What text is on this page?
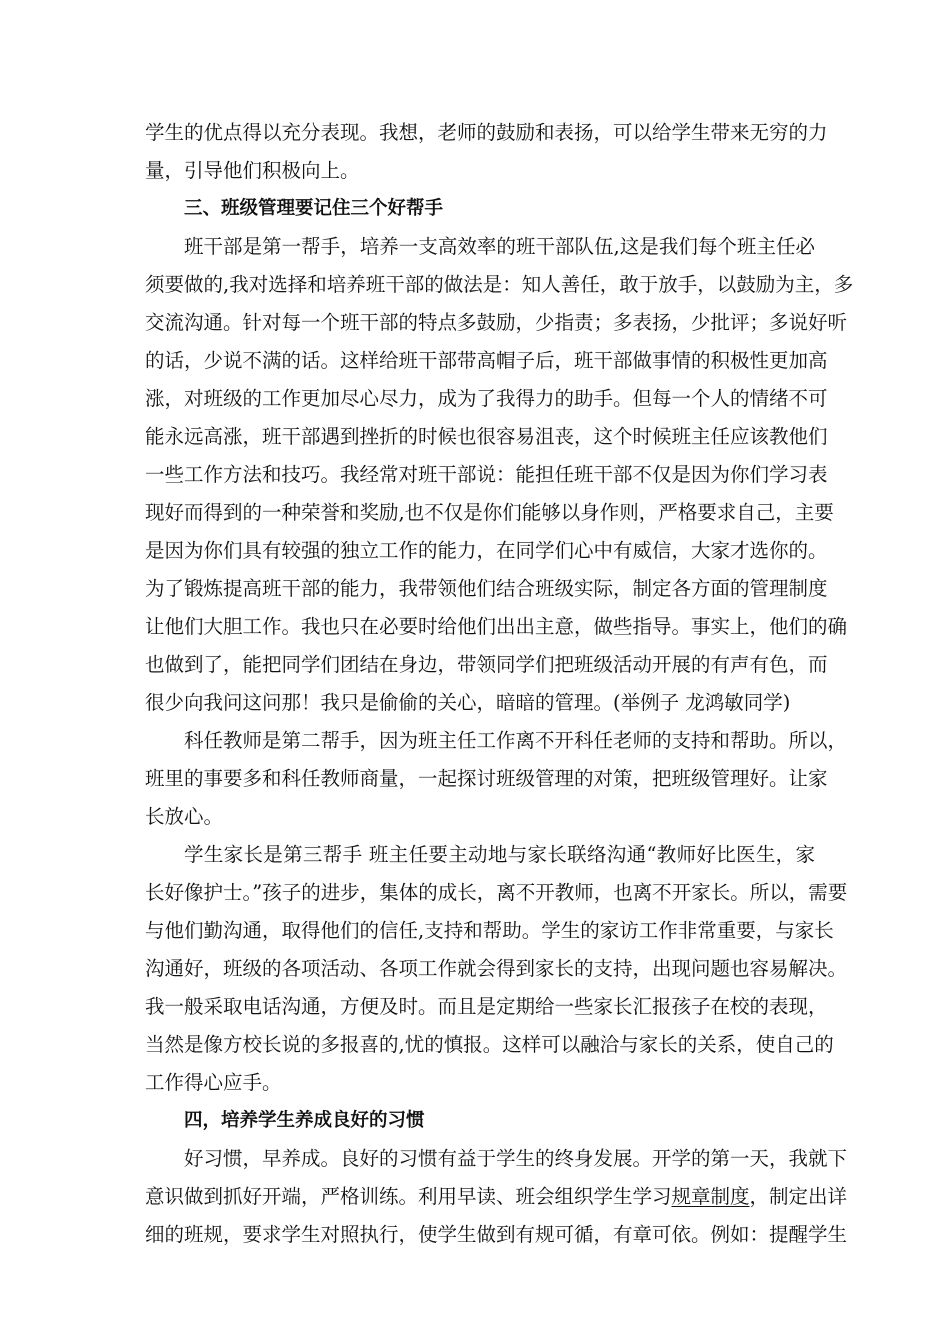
学生的优点得以充分表现。我想，老师的鼓励和表扬，可以给学生带来无穷的力
量，引导他们积极向上。
三、班级管理要记住三个好帮手
班干部是第一帮手，培养一支高效率的班干部队伍,这是我们每个班主任必
须要做的,我对选择和培养班干部的做法是：知人善任，敢于放手，以鼓励为主，多
交流沟通。针对每一个班干部的特点多鼓励，少指责；多表扬，少批评；多说好听
的话，少说不满的话。这样给班干部带高帽子后，班干部做事情的积极性更加高
涨，对班级的工作更加尽心尽力，成为了我得力的助手。但每一个人的情绪不可
能永远高涨，班干部遇到挫折的时候也很容易沮丧，这个时候班主任应该教他们
一些工作方法和技巧。我经常对班干部说：能担任班干部不仅是因为你们学习表
现好而得到的一种荣誉和奖励,也不仅是你们能够以身作则，严格要求自己，主要
是因为你们具有较强的独立工作的能力，在同学们心中有威信，大家才选你的。
为了锻炼提高班干部的能力，我带领他们结合班级实际，制定各方面的管理制度
让他们大胆工作。我也只在必要时给他们出出主意，做些指导。事实上，他们的确
也做到了，能把同学们团结在身边，带领同学们把班级活动开展的有声有色，而
很少向我问这问那！我只是偷偷的关心，暗暗的管理。(举例子 龙鸿敏同学)
科任教师是第二帮手，因为班主任工作离不开科任老师的支持和帮助。所以，
班里的事要多和科任教师商量，一起探讨班级管理的对策，把班级管理好。让家
长放心。
学生家长是第三帮手 班主任要主动地与家长联络沟通“教师好比医生，家
长好像护士。”孩子的进步，集体的成长，离不开教师，也离不开家长。所以，需要
与他们勤沟通，取得他们的信任,支持和帮助。学生的家访工作非常重要，与家长
沟通好，班级的各项活动、各项工作就会得到家长的支持，出现问题也容易解决。
我一般采取电话沟通，方便及时。而且是定期给一些家长汇报孩子在校的表现，
当然是像方校长说的多报喜的,忧的慎报。这样可以融洽与家长的关系，使自己的
工作得心应手。
四，培养学生养成良好的习惯
好习惯，早养成。良好的习惯有益于学生的终身发展。开学的第一天，我就下
意识做到抓好开端，严格训练。利用早读、班会组织学生学习规章制度，制定出详
细的班规，要求学生对照执行，使学生做到有规可循，有章可依。例如：提醒学生
